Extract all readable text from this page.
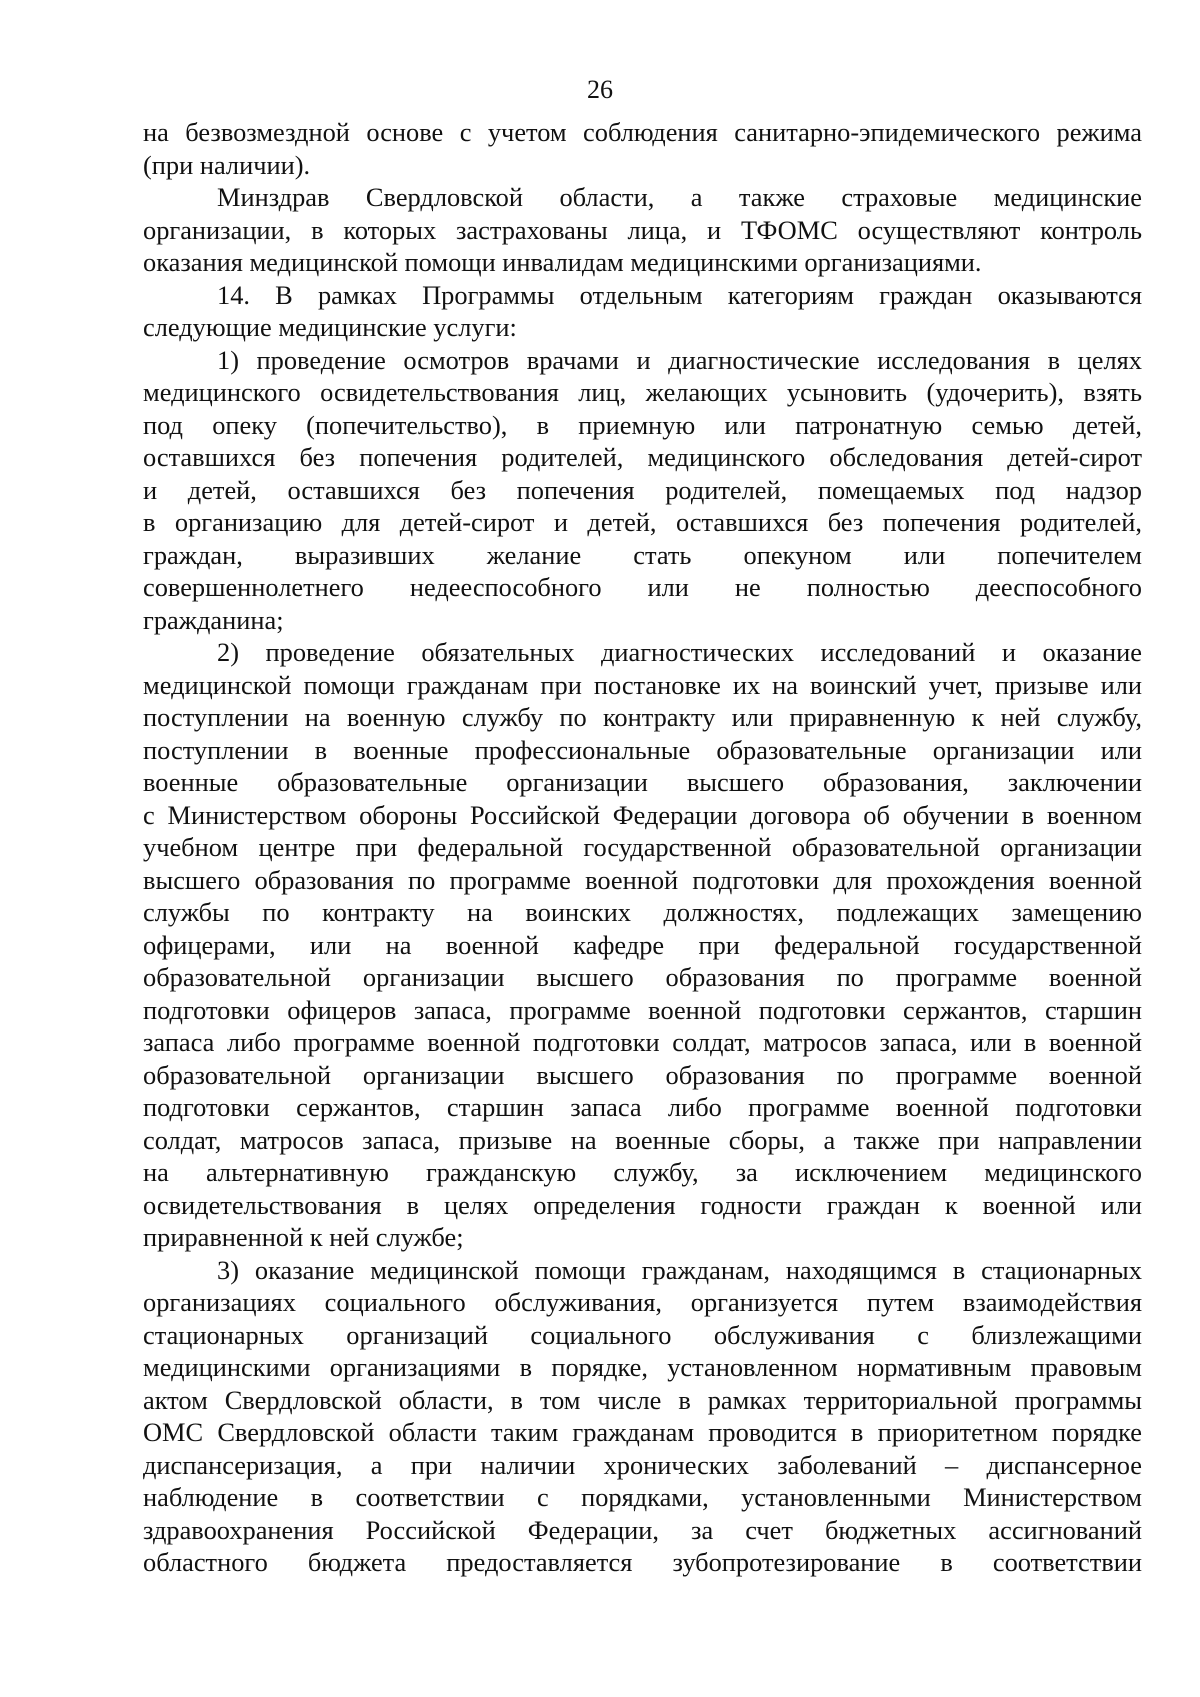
26
на безвозмездной основе с учетом соблюдения санитарно-эпидемического режима
(при наличии).
Минздрав Свердловской области, а также страховые медицинские
организации, в которых застрахованы лица, и ТФОМС осуществляют контроль
оказания медицинской помощи инвалидам медицинскими организациями.
14. В рамках Программы отдельным категориям граждан оказываются
следующие медицинские услуги:
1) проведение осмотров врачами и диагностические исследования в целях
медицинского освидетельствования лиц, желающих усыновить (удочерить), взять
под опеку (попечительство), в приемную или патронатную семью детей,
оставшихся без попечения родителей, медицинского обследования детей-сирот
и детей, оставшихся без попечения родителей, помещаемых под надзор
в организацию для детей-сирот и детей, оставшихся без попечения родителей,
граждан, выразивших желание стать опекуном или попечителем
совершеннолетнего недееспособного или не полностью дееспособного
гражданина;
2) проведение обязательных диагностических исследований и оказание
медицинской помощи гражданам при постановке их на воинский учет, призыве или
поступлении на военную службу по контракту или приравненную к ней службу,
поступлении в военные профессиональные образовательные организации или
военные образовательные организации высшего образования, заключении
с Министерством обороны Российской Федерации договора об обучении в военном
учебном центре при федеральной государственной образовательной организации
высшего образования по программе военной подготовки для прохождения военной
службы по контракту на воинских должностях, подлежащих замещению
офицерами, или на военной кафедре при федеральной государственной
образовательной организации высшего образования по программе военной
подготовки офицеров запаса, программе военной подготовки сержантов, старшин
запаса либо программе военной подготовки солдат, матросов запаса, или в военной
образовательной организации высшего образования по программе военной
подготовки сержантов, старшин запаса либо программе военной подготовки
солдат, матросов запаса, призыве на военные сборы, а также при направлении
на альтернативную гражданскую службу, за исключением медицинского
освидетельствования в целях определения годности граждан к военной или
приравненной к ней службе;
3) оказание медицинской помощи гражданам, находящимся в стационарных
организациях социального обслуживания, организуется путем взаимодействия
стационарных организаций социального обслуживания с близлежащими
медицинскими организациями в порядке, установленном нормативным правовым
актом Свердловской области, в том числе в рамках территориальной программы
ОМС Свердловской области таким гражданам проводится в приоритетном порядке
диспансеризация, а при наличии хронических заболеваний – диспансерное
наблюдение в соответствии с порядками, установленными Министерством
здравоохранения Российской Федерации, за счет бюджетных ассигнований
областного бюджета предоставляется зубопротезирование в соответствии
